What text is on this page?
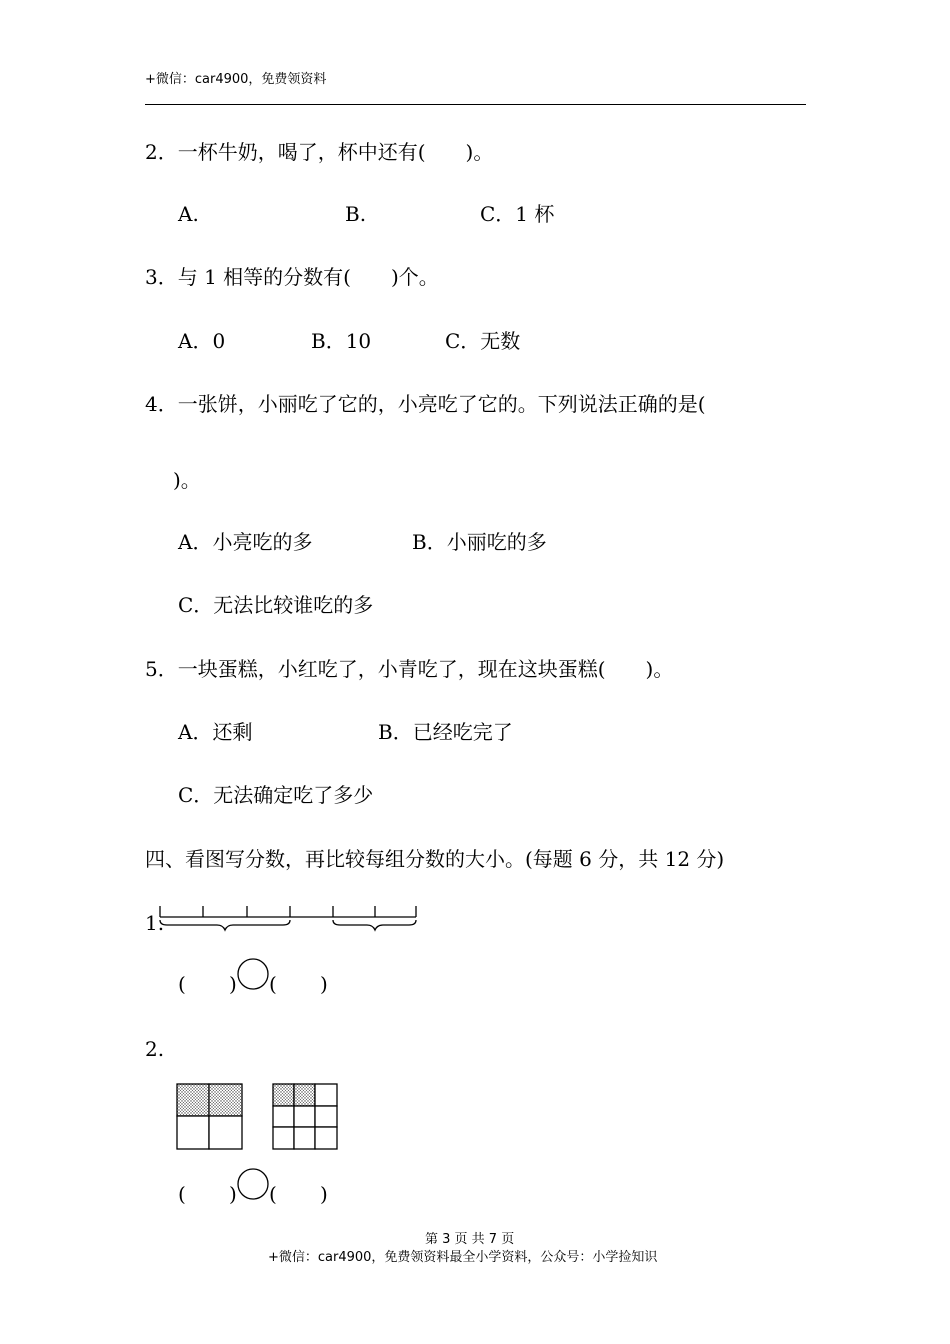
+微信：car4900，免费领资料
2．一杯牛奶，喝了，杯中还有(　　)。
A.	B.	C．1 杯
3．与 1 相等的分数有(　　)个。
A．0	B．10	C．无数
4．一张饼，小丽吃了它的，小亮吃了它的。下列说法正确的是(
)。
A．小亮吃的多	B．小丽吃的多
C．无法比较谁吃的多
5．一块蛋糕，小红吃了，小青吃了，现在这块蛋糕(　　)。
A．还剩	B．已经吃完了
C．无法确定吃了多少
四、看图写分数，再比较每组分数的大小。(每题 6 分，共 12 分)
1.
( ) ( )
2.
( ) ( )
第 3 页 共 7 页
+微信：car4900，免费领资料最全小学资料，公众号：小学捡知识
